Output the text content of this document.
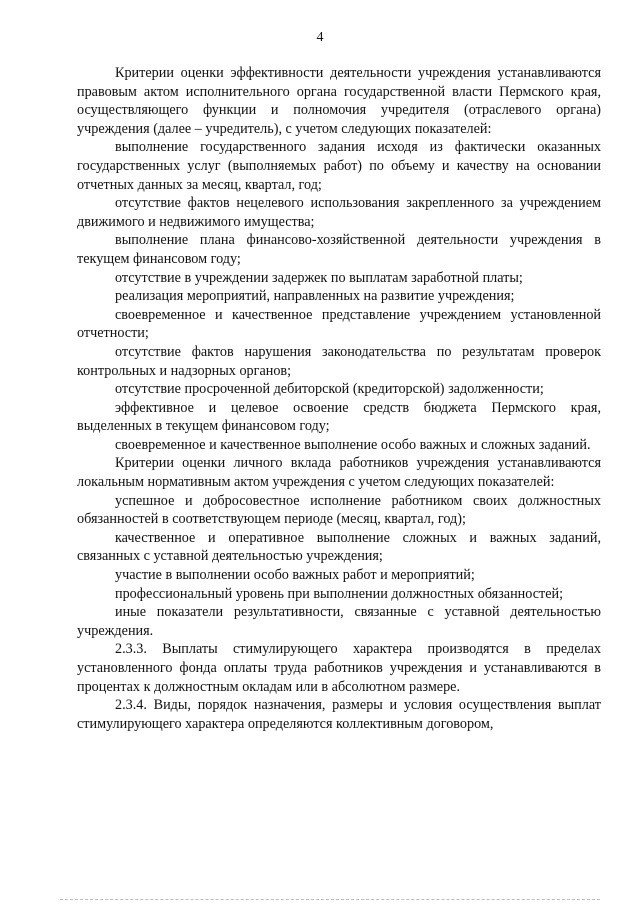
4

Критерии оценки эффективности деятельности учреждения устанавливаются правовым актом исполнительного органа государственной власти Пермского края, осуществляющего функции и полномочия учредителя (отраслевого органа) учреждения (далее – учредитель), с учетом следующих показателей:

выполнение государственного задания исходя из фактически оказанных государственных услуг (выполняемых работ) по объему и качеству на основании отчетных данных за месяц, квартал, год;

отсутствие фактов нецелевого использования закрепленного за учреждением движимого и недвижимого имущества;

выполнение плана финансово-хозяйственной деятельности учреждения в текущем финансовом году;

отсутствие в учреждении задержек по выплатам заработной платы;

реализация мероприятий, направленных на развитие учреждения;

своевременное и качественное представление учреждением установленной отчетности;

отсутствие фактов нарушения законодательства по результатам проверок контрольных и надзорных органов;

отсутствие просроченной дебиторской (кредиторской) задолженности;

эффективное и целевое освоение средств бюджета Пермского края, выделенных в текущем финансовом году;

своевременное и качественное выполнение особо важных и сложных заданий.

Критерии оценки личного вклада работников учреждения устанавливаются локальным нормативным актом учреждения с учетом следующих показателей:

успешное и добросовестное исполнение работником своих должностных обязанностей в соответствующем периоде (месяц, квартал, год);

качественное и оперативное выполнение сложных и важных заданий, связанных с уставной деятельностью учреждения;

участие в выполнении особо важных работ и мероприятий;

профессиональный уровень при выполнении должностных обязанностей;

иные показатели результативности, связанные с уставной деятельностью учреждения.

2.3.3. Выплаты стимулирующего характера производятся в пределах установленного фонда оплаты труда работников учреждения и устанавливаются в процентах к должностным окладам или в абсолютном размере.

2.3.4. Виды, порядок назначения, размеры и условия осуществления выплат стимулирующего характера определяются коллективным договором,
